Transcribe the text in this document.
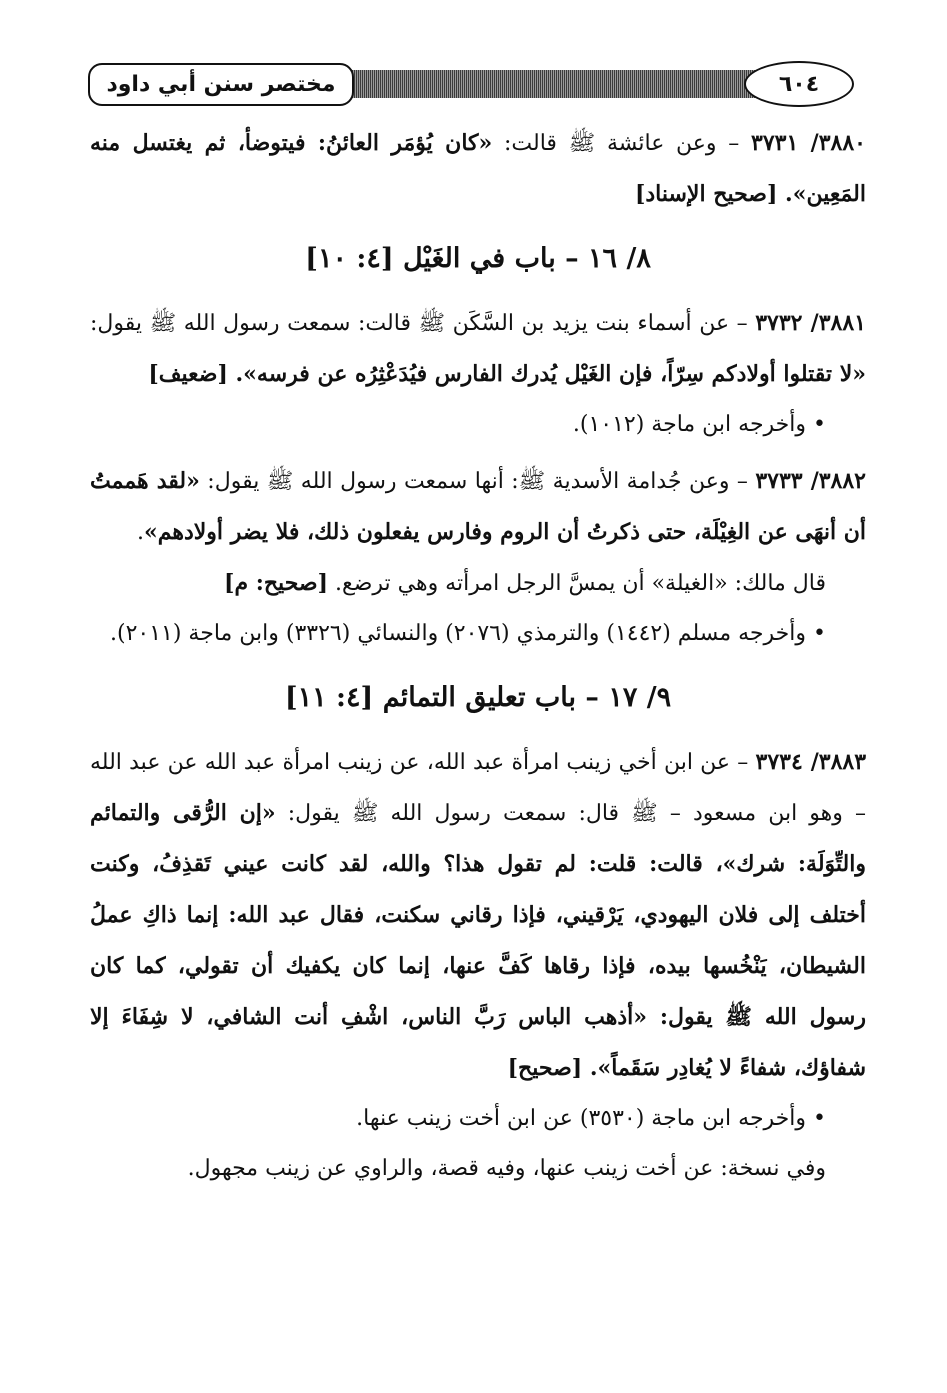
مختصر سنن أبي داود	٦٠٤

٣٨٨٠/ ٣٧٣١ – وعن عائشة ﷺ قالت: «كان يُؤمَر العائنُ: فيتوضأ، ثم يغتسل منه المَعِين». [صحيح الإسناد]

٨/ ١٦ – باب في الغَيْل [٤: ١٠]

٣٨٨١/ ٣٧٣٢ – عن أسماء بنت يزيد بن السَّكَن ﷺ قالت: سمعت رسول الله ﷺ يقول: «لا تقتلوا أولادكم سِرّاً، فإن الغَيْل يُدرك الفارس فيُدَعْثِرُه عن فرسه». [ضعيف]

• وأخرجه ابن ماجة (١٠١٢).

٣٨٨٢/ ٣٧٣٣ – وعن جُدامة الأسدية ﷺ: أنها سمعت رسول الله ﷺ يقول: «لقد هَممتُ أن أنهَى عن الغِيْلَة، حتى ذكرتُ أن الروم وفارس يفعلون ذلك، فلا يضر أولادهم».

قال مالك: «الغيلة» أن يمسَّ الرجل امرأته وهي ترضع. [صحيح: م]

• وأخرجه مسلم (١٤٤٢) والترمذي (٢٠٧٦) والنسائي (٣٣٢٦) وابن ماجة (٢٠١١).

٩/ ١٧ – باب تعليق التمائم [٤: ١١]

٣٨٨٣/ ٣٧٣٤ – عن ابن أخي زينب امرأة عبد الله، عن زينب امرأة عبد الله عن عبد الله – وهو ابن مسعود – ﷺ قال: سمعت رسول الله ﷺ يقول: «إن الرُّقى والتمائم والتِّوَلَة: شرك»، قالت: قلت: لم تقول هذا؟ والله، لقد كانت عيني تَقذِفُ، وكنت أختلف إلى فلان اليهودي، يَرْقيني، فإذا رقاني سكنت، فقال عبد الله: إنما ذاكِ عملُ الشيطان، يَنْخُسها بيده، فإذا رقاها كَفَّ عنها، إنما كان يكفيك أن تقولي، كما كان رسول الله ﷺ يقول: «أذهب الباس رَبَّ الناس، اشْفِ أنت الشافي، لا شِفَاءَ إلا شفاؤك، شفاءً لا يُغادِر سَقَماً». [صحيح]

• وأخرجه ابن ماجة (٣٥٣٠) عن ابن أخت زينب عنها.

وفي نسخة: عن أخت زينب عنها، وفيه قصة، والراوي عن زينب مجهول.
